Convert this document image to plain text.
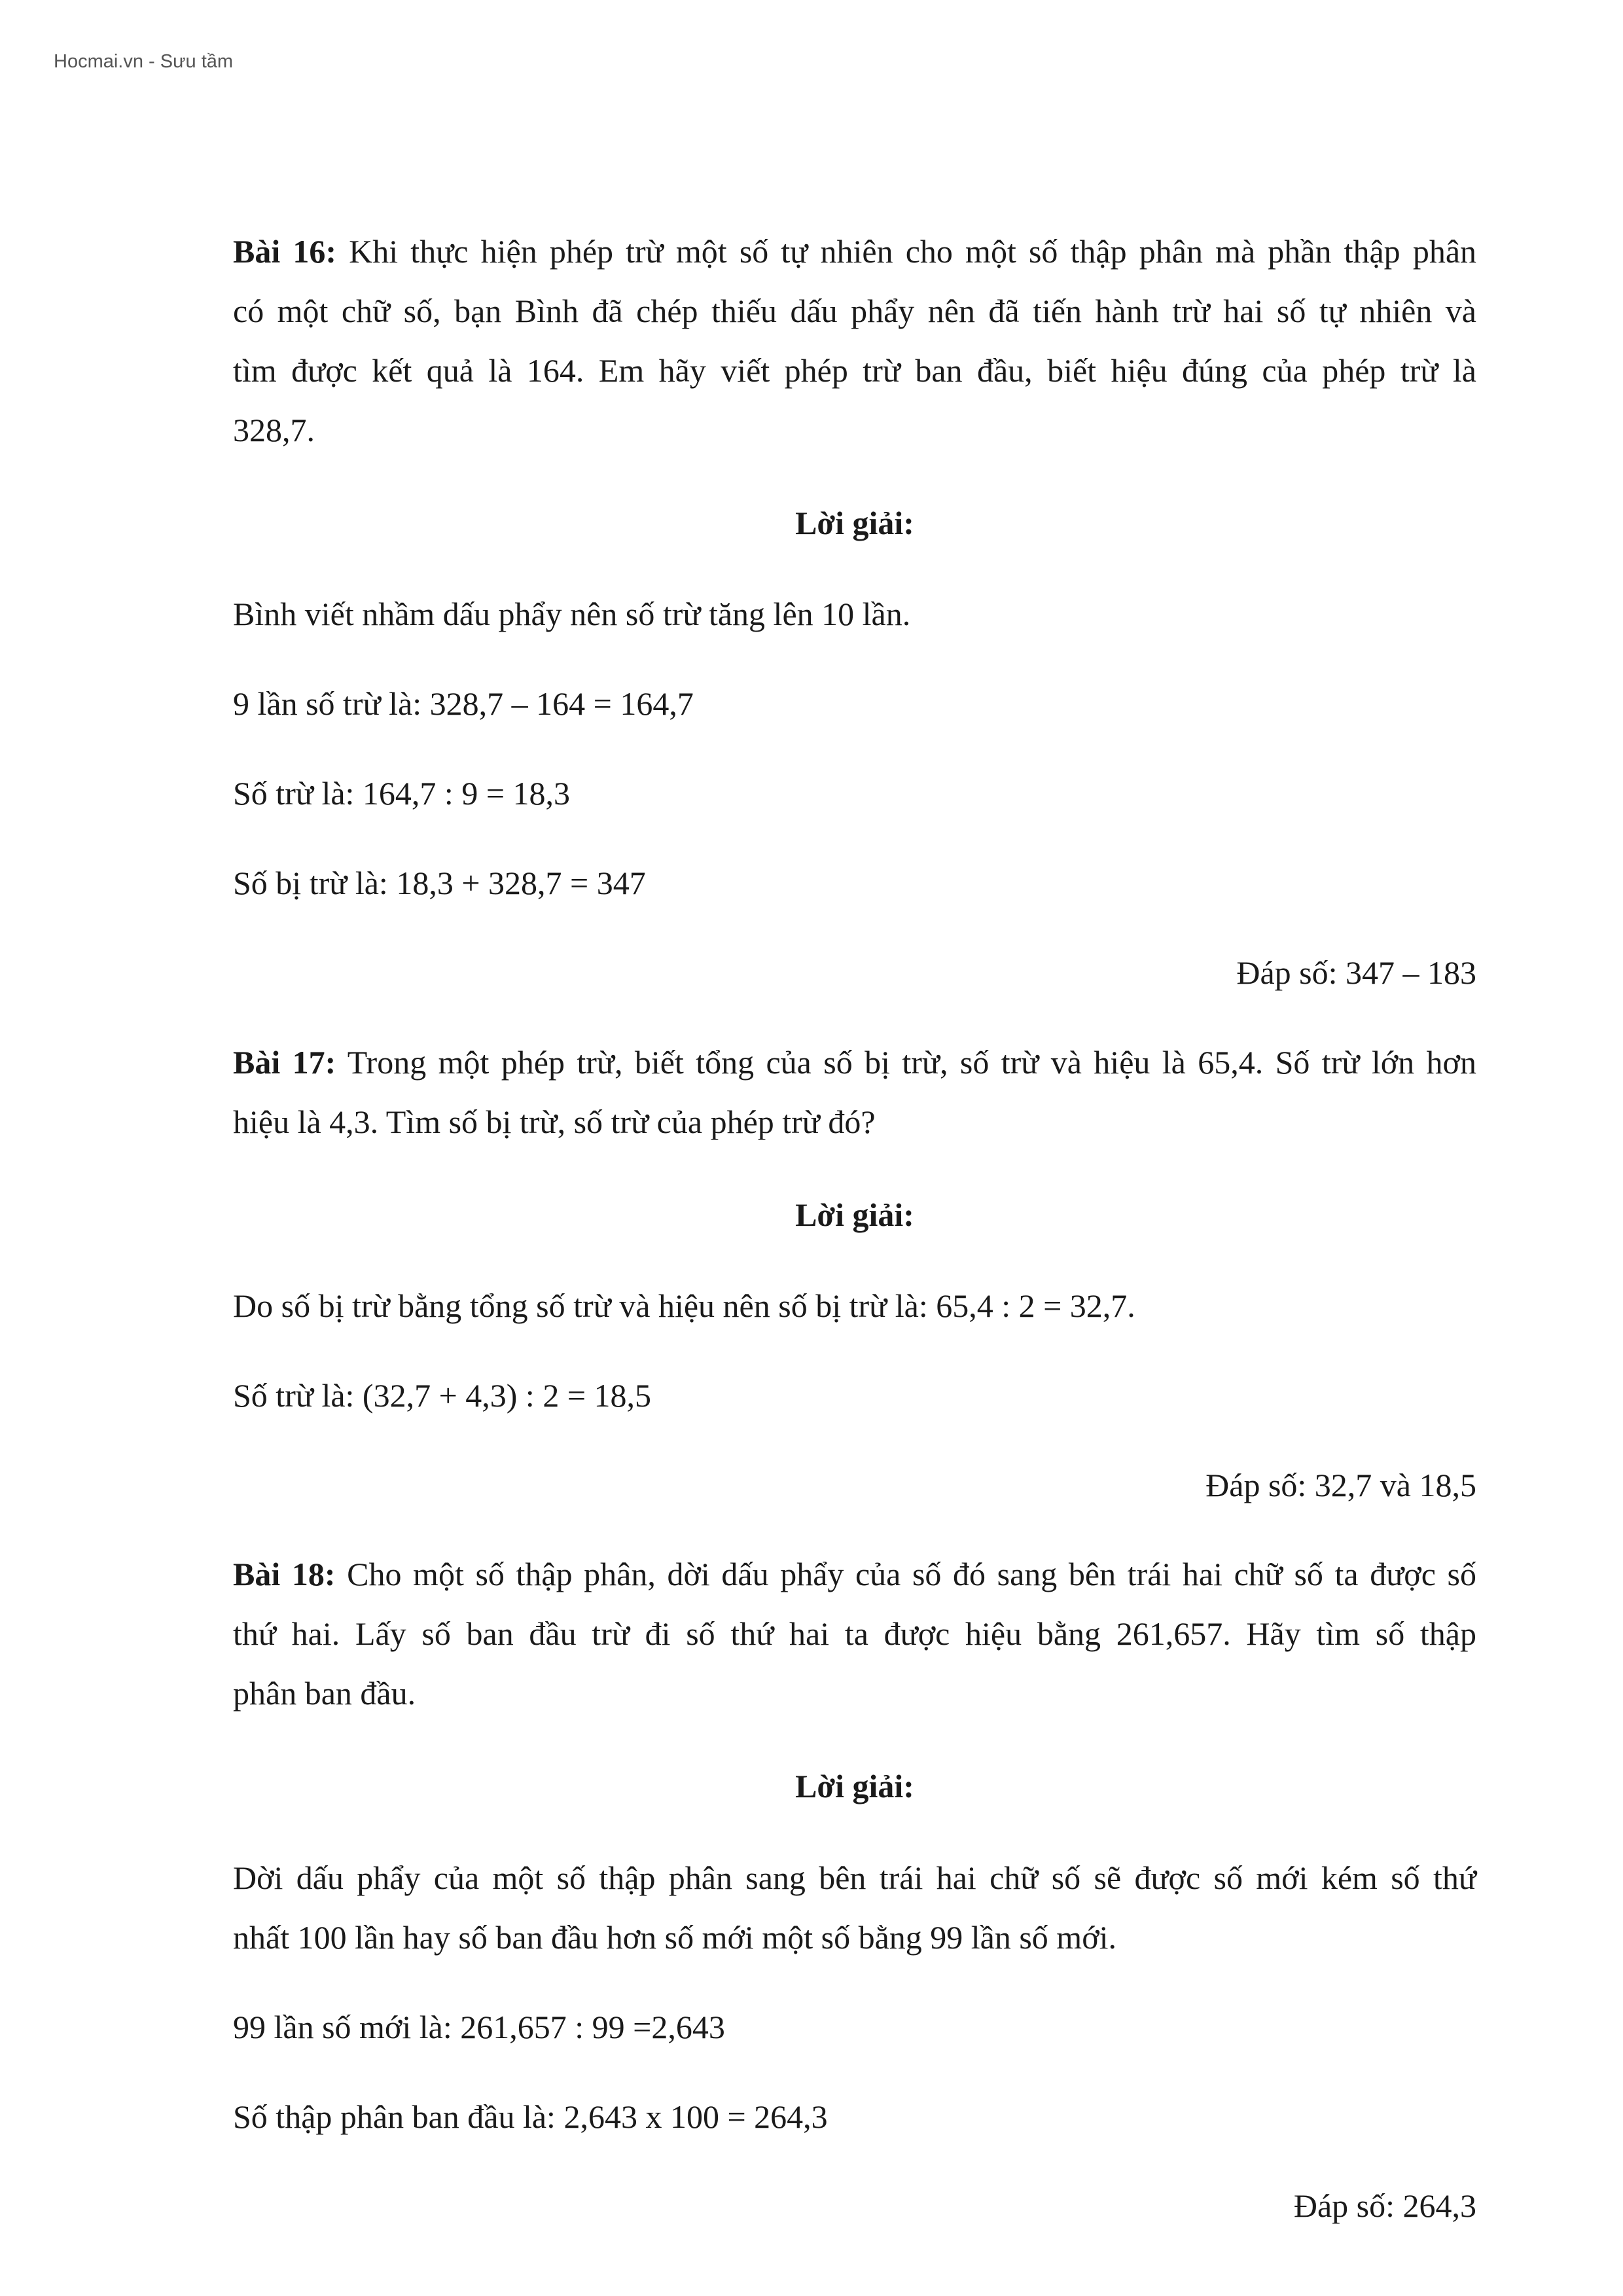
Hocmai.vn - Sưu tầm
Bài 16: Khi thực hiện phép trừ một số tự nhiên cho một số thập phân mà phần thập phân
có một chữ số, bạn Bình đã chép thiếu dấu phẩy nên đã tiến hành trừ hai số tự nhiên và
tìm được kết quả là 164. Em hãy viết phép trừ ban đầu, biết hiệu đúng của phép trừ là
328,7.
Lời giải:
Bình viết nhầm dấu phẩy nên số trừ tăng lên 10 lần.
9 lần số trừ là: 328,7 – 164 = 164,7
Số trừ là: 164,7 : 9 = 18,3
Số bị trừ là: 18,3 + 328,7 = 347
Đáp số: 347 – 183
Bài 17: Trong một phép trừ, biết tổng của số bị trừ, số trừ và hiệu là 65,4. Số trừ lớn hơn
hiệu là 4,3. Tìm số bị trừ, số trừ của phép trừ đó?
Lời giải:
Do số bị trừ bằng tổng số trừ và hiệu nên số bị trừ là: 65,4 : 2 = 32,7.
Số trừ là: (32,7 + 4,3) : 2 = 18,5
Đáp số: 32,7 và 18,5
Bài 18: Cho một số thập phân, dời dấu phẩy của số đó sang bên trái hai chữ số ta được số
thứ hai. Lấy số ban đầu trừ đi số thứ hai ta được hiệu bằng 261,657. Hãy tìm số thập
phân ban đầu.
Lời giải:
Dời dấu phẩy của một số thập phân sang bên trái hai chữ số sẽ được số mới kém số thứ
nhất 100 lần hay số ban đầu hơn số mới một số bằng 99 lần số mới.
99 lần số mới là: 261,657 : 99 =2,643
Số thập phân ban đầu là: 2,643 x 100 = 264,3
Đáp số: 264,3
